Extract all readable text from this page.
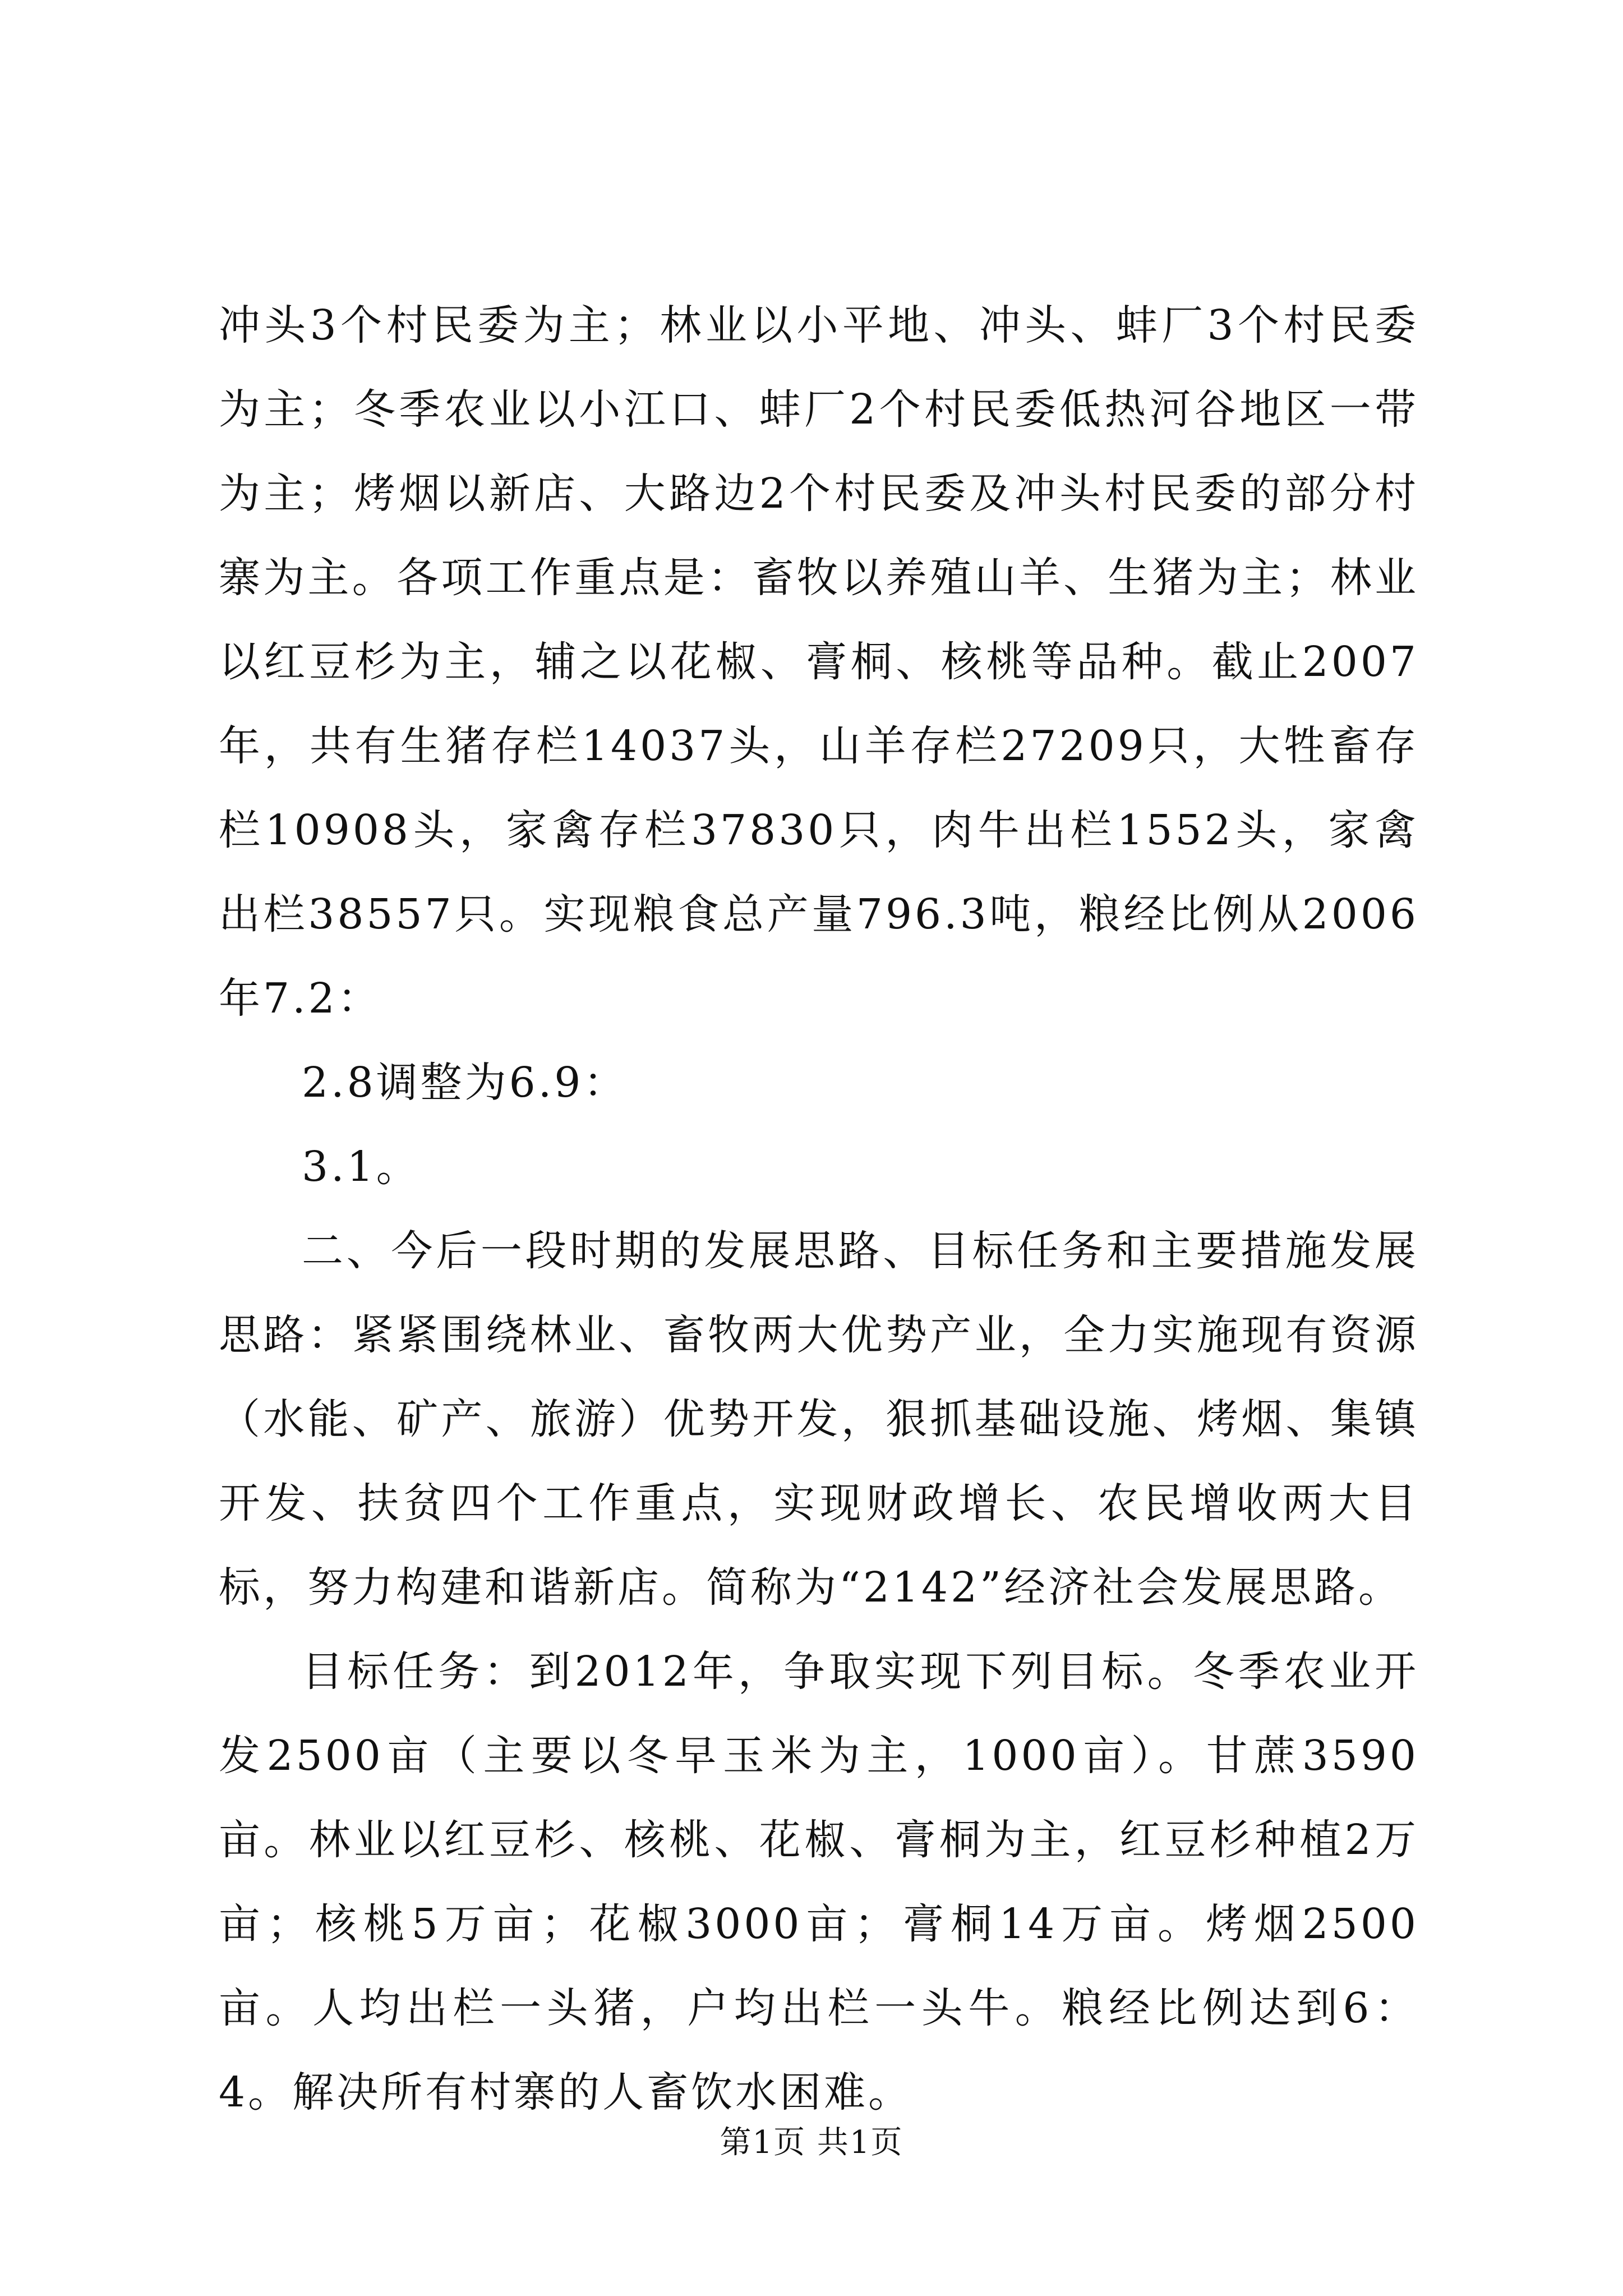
冲头3个村民委为主；林业以小平地、冲头、蚌厂3个村民委为主；冬季农业以小江口、蚌厂2个村民委低热河谷地区一带为主；烤烟以新店、大路边2个村民委及冲头村民委的部分村寨为主。各项工作重点是：畜牧以养殖山羊、生猪为主；林业以红豆杉为主，辅之以花椒、膏桐、核桃等品种。截止2007年，共有生猪存栏14037头，山羊存栏27209只，大牲畜存栏10908头，家禽存栏37830只，肉牛出栏1552头，家禽出栏38557只。实现粮食总产量796.3吨，粮经比例从2006年7.2：

2.8调整为6.9：

3.1。

二、今后一段时期的发展思路、目标任务和主要措施发展思路：紧紧围绕林业、畜牧两大优势产业，全力实施现有资源（水能、矿产、旅游）优势开发，狠抓基础设施、烤烟、集镇开发、扶贫四个工作重点，实现财政增长、农民增收两大目标，努力构建和谐新店。简称为“2142”经济社会发展思路。

目标任务：到2012年，争取实现下列目标。冬季农业开发2500亩（主要以冬早玉米为主，1000亩）。甘蔗3590亩。林业以红豆杉、核桃、花椒、膏桐为主，红豆杉种植2万亩；核桃5万亩；花椒3000亩；膏桐14万亩。烤烟2500亩。人均出栏一头猪，户均出栏一头牛。粮经比例达到6：4。解决所有村寨的人畜饮水困难。

第1页 共1页
